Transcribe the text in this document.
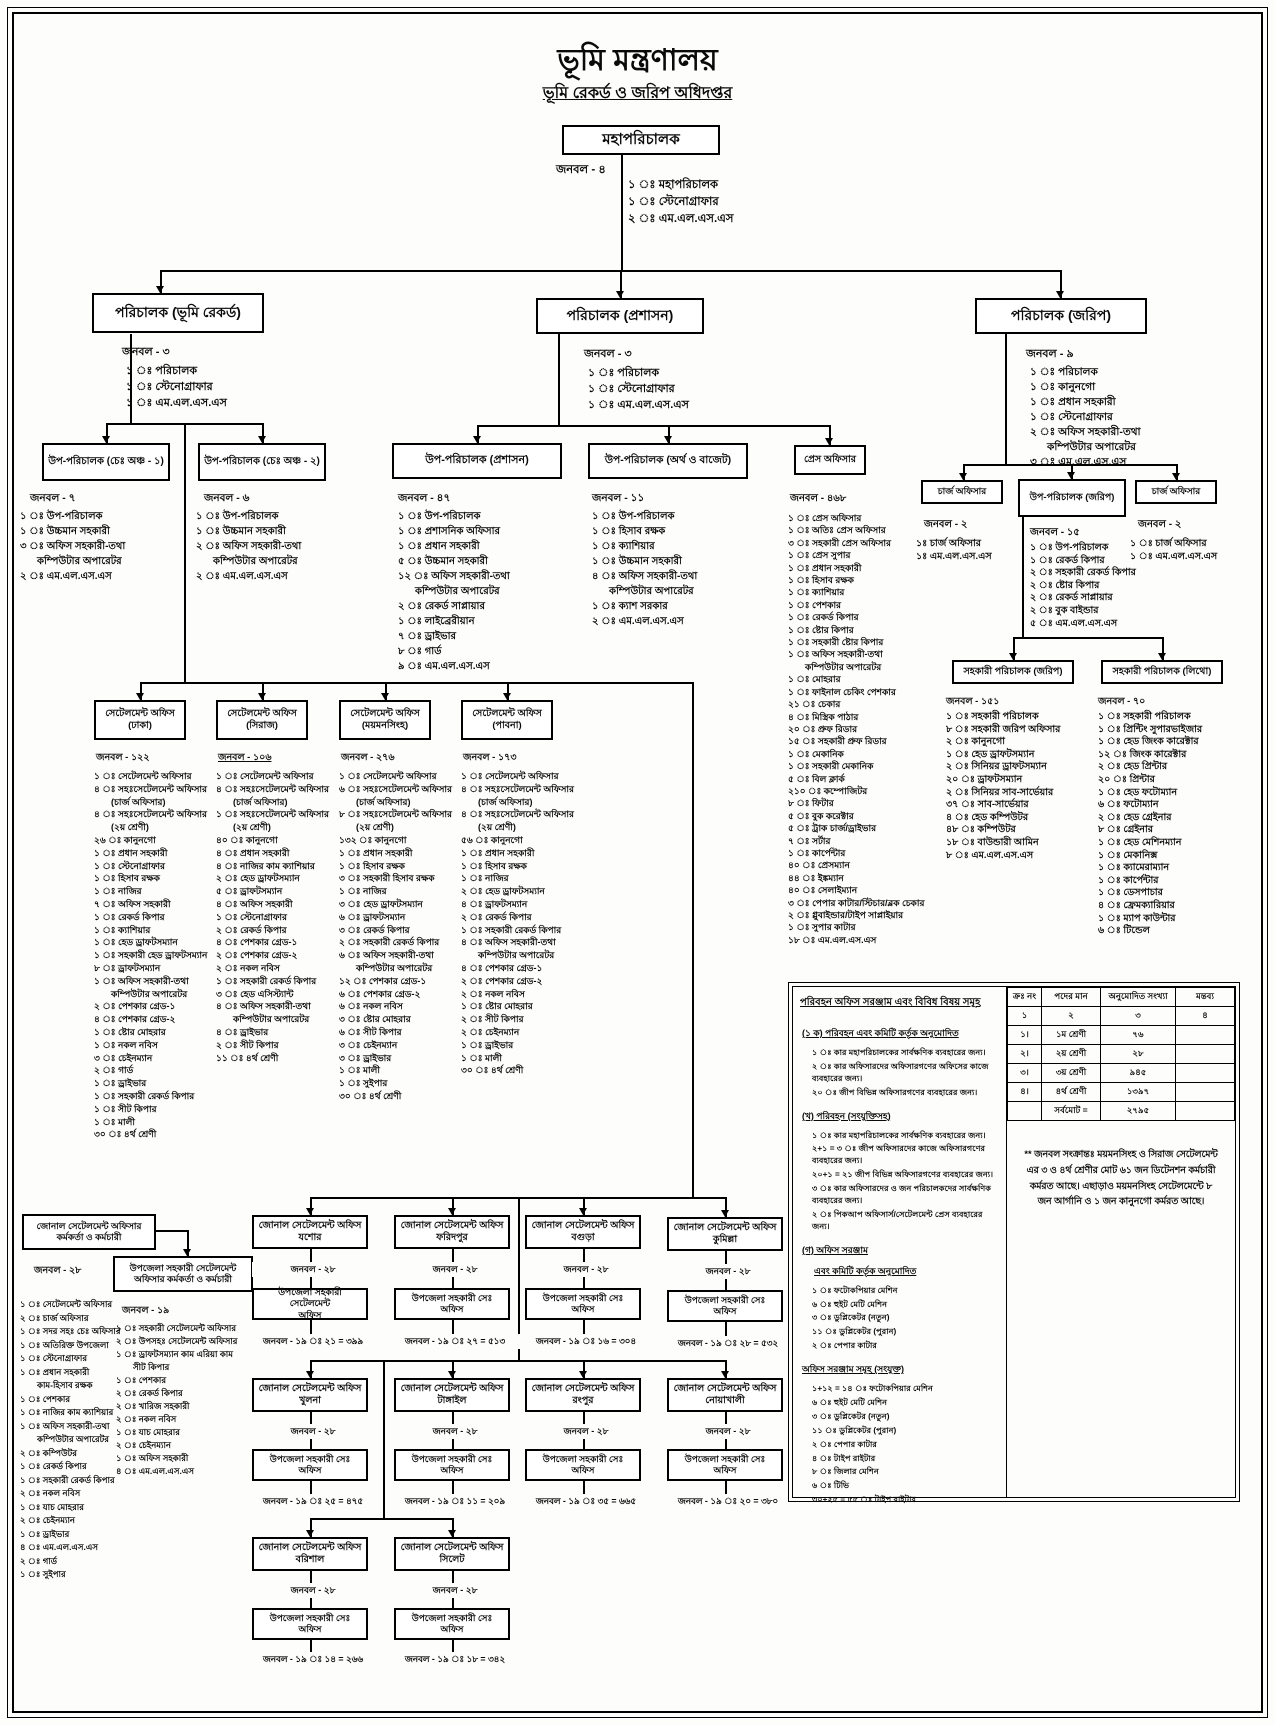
মহাপরিচালক
পরিচালক (ভূমি রেকর্ড)	পরিচালক (প্রশাসন)	পরিচালক (জরিপ)
উপ-পরিচালক (চেঃ অঞ্চ - ১)	উপ-পরিচালক (চেঃ অঞ্চ - ২)	উপ-পরিচালক (প্রশাসন)	উপ-পরিচালক (অর্থ ও বাজেট)	প্রেস অফিসার
চার্জ অফিসার
উপ-পরিচালক (জরিপ)
চার্জ অফিসার
সহকারী পরিচালক (জরিপ)	সহকারী পরিচালক (লিথো)
সেটেলমেন্ট অফিস
(ঢাকা)
সেটেলমেন্ট অফিস
(সিরাজ)
সেটেলমেন্ট অফিস
(ময়মনসিংহ)
সেটেলমেন্ট অফিস
(পাবনা)
জোনাল সেটেলমেন্ট অফিসার
কর্মকর্তা ও কর্মচারী
উপজেলা সহকারী সেটেলমেন্ট
অফিসার কর্মকর্তা ও কর্মচারী
জোনাল সেটেলমেন্ট অফিস
যশোর
জোনাল সেটেলমেন্ট অফিস
ফরিদপুর
জোনাল সেটেলমেন্ট অফিস
বগুড়া
জোনাল সেটেলমেন্ট অফিস
কুমিল্লা
উপজেলা সহকারী সেটেলমেন্ট
অফিস
উপজেলা সহকারী সেঃ
অফিস
উপজেলা সহকারী সেঃ
অফিস
উপজেলা সহকারী সেঃ
অফিস
জোনাল সেটেলমেন্ট অফিস
খুলনা
জোনাল সেটেলমেন্ট অফিস
টাঙ্গাইল
জোনাল সেটেলমেন্ট অফিস
রংপুর
জোনাল সেটেলমেন্ট অফিস
নোয়াখালী
উপজেলা সহকারী সেঃ
অফিস
উপজেলা সহকারী সেঃ
অফিস
উপজেলা সহকারী সেঃ
অফিস
উপজেলা সহকারী সেঃ
অফিস
জোনাল সেটেলমেন্ট অফিস
বরিশাল
জোনাল সেটেলমেন্ট অফিস
সিলেট
উপজেলা সহকারী সেঃ
অফিস
উপজেলা সহকারী সেঃ
অফিস
ভূমি মন্ত্রণালয়
ভূমি রেকর্ড ও জরিপ অধিদপ্তর
জনবল - ৪
জনবল - ৩	জনবল - ৩	জনবল - ৯
জনবল - ৭	জনবল - ৬	জনবল - ৪৭	জনবল - ১১	জনবল - ৪৬৮
জনবল - ২
জনবল - ১৫
জনবল - ২
জনবল - ১৫১	জনবল - ৭০
জনবল - ১২২	জনবল - ১০৬	জনবল - ২৭৬	জনবল - ১৭৩
জনবল - ২৮
জনবল - ১৯
জনবল - ২৮	জনবল - ২৮	জনবল - ২৮	জনবল - ২৮
জনবল - ১৯ ঃ ২১ = ৩৯৯	জনবল - ১৯ ঃ ২৭ = ৫১৩	জনবল - ১৯ ঃ ১৬ = ৩০৪	জনবল - ১৯ ঃ ২৮ = ৫৩২
জনবল - ২৮	জনবল - ২৮	জনবল - ২৮	জনবল - ২৮
জনবল - ১৯ ঃ ২৫ = ৪৭৫	জনবল - ১৯ ঃ ১১ = ২০৯	জনবল - ১৯ ঃ ৩৫ = ৬৬৫	জনবল - ১৯ ঃ ২০ = ৩৮০
জনবল - ২৮	জনবল - ২৮
জনবল - ১৯ ঃ ১৪ = ২৬৬	জনবল - ১৯ ঃ ১৮ = ৩৪২
১ ঃ মহাপরিচালক
১ ঃ স্টেনোগ্রাফার
২ ঃ এম.এল.এস.এস
১ ঃ পরিচালক
১ ঃ স্টেনোগ্রাফার
১ ঃ এম.এল.এস.এস
১ ঃ পরিচালক
১ ঃ স্টেনোগ্রাফার
১ ঃ এম.এল.এস.এস
১ ঃ পরিচালক
১ ঃ কানুনগো
১ ঃ প্রধান সহকারী
১ ঃ স্টেনোগ্রাফার
২ ঃ অফিস সহকারী-তথা
কম্পিউটার অপারেটর
৩ ঃ এম.এল.এস.এস
১ ঃ উপ-পরিচালক
১ ঃ উচ্চমান সহকারী
৩ ঃ অফিস সহকারী-তথা
কম্পিউটার অপারেটর
২ ঃ এম.এল.এস.এস
১ ঃ উপ-পরিচালক
১ ঃ উচ্চমান সহকারী
২ ঃ অফিস সহকারী-তথা
কম্পিউটার অপারেটর
২ ঃ এম.এল.এস.এস
১ ঃ উপ-পরিচালক
১ ঃ প্রশাসনিক অফিসার
১ ঃ প্রধান সহকারী
৫ ঃ উচ্চমান সহকারী
১২ ঃ অফিস সহকারী-তথা
কম্পিউটার অপারেটর
২ ঃ রেকর্ড সাপ্লায়ার
১ ঃ লাইব্রেরীয়ান
৭ ঃ ড্রাইভার
৮ ঃ গার্ড
৯ ঃ এম.এল.এস.এস
১ ঃ উপ-পরিচালক
১ ঃ হিসাব রক্ষক
১ ঃ ক্যাশিয়ার
১ ঃ উচ্চমান সহকারী
৪ ঃ অফিস সহকারী-তথা
কম্পিউটার অপারেটর
১ ঃ ক্যাশ সরকার
২ ঃ এম.এল.এস.এস
১ ঃ প্রেস অফিসার
১ ঃ অতিঃ প্রেস অফিসার
৩ ঃ সহকারী প্রেস অফিসার
১ ঃ প্রেস সুপার
১ ঃ প্রধান সহকারী
১ ঃ হিসাব রক্ষক
১ ঃ ক্যাশিয়ার
১ ঃ পেশকার
১ ঃ রেকর্ড কিপার
১ ঃ ষ্টোর কিপার
১ ঃ সহকারী ষ্টোর কিপার
১ ঃ অফিস সহকারী-তথা
কম্পিউটার অপারেটর
১ ঃ মোহরার
১ ঃ ফাইনাল চেকিং পেশকার
২১ ঃ চেকার
৪ ঃ মিস্ত্রিক পাঠার
২০ ঃ প্রুফ রিডার
১৫ ঃ সহকারী প্রুফ রিডার
১ ঃ মেকানিক
১ ঃ সহকারী মেকানিক
৫ ঃ বিল ক্লার্ক
২১০ ঃ কম্পোজিটর
৮ ঃ ফিটার
৫ ঃ বুক করেক্টার
৫ ঃ ট্রাক চার্জ/ড্রাইভার
৭ ঃ সর্টার
১ ঃ কার্পেন্টার
৪০ ঃ প্রেসম্যান
৪৪ ঃ ইঙ্কম্যান
৪০ ঃ সেলাইম্যান
৩ ঃ পেপার কাটার/স্টিচার/ব্লক চেকার
২ ঃ গ্লুবাইন্ডার/টাইপ সাপ্লাইয়ার
১ ঃ সুপার কাটার
১৮ ঃ এম.এল.এস.এস
১ঃ চার্জ অফিসার
১ঃ এম.এল.এস.এস
১ ঃ উপ-পরিচালক
১ ঃ রেকর্ড কিপার
২ ঃ সহকারী রেকর্ড কিপার
২ ঃ ষ্টোর কিপার
২ ঃ রেকর্ড সাপ্লায়ার
২ ঃ বুক বাইন্ডার
৫ ঃ এম.এল.এস.এস
১ ঃ চার্জ অফিসার
১ ঃ এম.এল.এস.এস
১ ঃ সহকারী পরিচালক
৮ ঃ সহকারী জরিপ অফিসার
২ ঃ কানুনগো
১ ঃ হেড ড্রাফটসম্যান
২ ঃ সিনিয়র ড্রাফটসম্যান
২০ ঃ ড্রাফটসম্যান
২ ঃ সিনিয়র সাব-সার্ভেয়ার
৩৭ ঃ সাব-সার্ভেয়ার
৪ ঃ হেড কম্পিউটর
৪৮ ঃ কম্পিউটর
১৮ ঃ বাউন্ডারী আমিন
৮ ঃ এম.এল.এস.এস
১ ঃ সহকারী পরিচালক
১ ঃ প্রিন্টিং সুপারভাইজার
১ ঃ হেড জিংক কারেক্টার
১২ ঃ জিংক কারেক্টার
২ ঃ হেড প্রিন্টার
২০ ঃ প্রিন্টার
১ ঃ হেড ফটোম্যান
৬ ঃ ফটোম্যান
২ ঃ হেড গ্রেইনার
৮ ঃ গ্রেইনার
১ ঃ হেড মেশিনম্যান
১ ঃ মেকানিক্স
১ ঃ ক্যামেরাম্যান
১ ঃ কার্পেন্টার
১ ঃ ডেসপাচার
৪ ঃ ফ্রেমক্যারিয়ার
১ ঃ ম্যাপ কাউন্টার
৬ ঃ টিন্ডেল
১ ঃ সেটেলমেন্ট অফিসার
৪ ঃ সহঃসেটেলমেন্ট অফিসার
(চার্জ অফিসার)
৪ ঃ সহঃসেটেলমেন্ট অফিসার
(২য় শ্রেণী)
২৬ ঃ কানুনগো
১ ঃ প্রধান সহকারী
১ ঃ স্টেনোগ্রাফার
১ ঃ হিসাব রক্ষক
১ ঃ নাজির
৭ ঃ অফিস সহকারী
১ ঃ রেকর্ড কিপার
১ ঃ ক্যাশিয়ার
১ ঃ হেড ড্রাফটসম্যান
১ ঃ সহকারী হেড ড্রাফটসম্যান
৮ ঃ ড্রাফটসম্যান
১ ঃ অফিস সহকারী-তথা
কম্পিউটার অপারেটর
২ ঃ পেশকার গ্রেড-১
৪ ঃ পেশকার গ্রেড-২
১ ঃ ষ্টোর মোহরার
১ ঃ নকল নবিস
৩ ঃ চেইনম্যান
২ ঃ গার্ড
১ ঃ ড্রাইভার
১ ঃ সহকারী রেকর্ড কিপার
১ ঃ সীট কিপার
১ ঃ মালী
৩০ ঃ ৪র্থ শ্রেণী
১ ঃ সেটেলমেন্ট অফিসার
৪ ঃ সহঃসেটেলমেন্ট অফিসার
(চার্জ অফিসার)
১ ঃ সহঃসেটেলমেন্ট অফিসার
(২য় শ্রেণী)
৪০ ঃ কানুনগো
৪ ঃ প্রধান সহকারী
৪ ঃ নাজির কাম ক্যাশিয়ার
২ ঃ হেড ড্রাফটসম্যান
৫ ঃ ড্রাফটসম্যান
৪ ঃ অফিস সহকারী
১ ঃ স্টেনোগ্রাফার
২ ঃ রেকর্ড কিপার
৪ ঃ পেশকার গ্রেড-১
২ ঃ পেশকার গ্রেড-২
২ ঃ নকল নবিস
১ ঃ সহকারী রেকর্ড কিপার
৩ ঃ হেড এসিস্ট্যান্ট
৪ ঃ অফিস সহকারী-তথা
কম্পিউটার অপারেটর
৪ ঃ ড্রাইভার
২ ঃ সীট কিপার
১১ ঃ ৪র্থ শ্রেণী
১ ঃ সেটেলমেন্ট অফিসার
৬ ঃ সহঃসেটেলমেন্ট অফিসার
(চার্জ অফিসার)
৮ ঃ সহঃসেটেলমেন্ট অফিসার
(২য় শ্রেণী)
১৩২ ঃ কানুনগো
১ ঃ প্রধান সহকারী
১ ঃ হিসাব রক্ষক
৩ ঃ সহকারী হিসাব রক্ষক
১ ঃ নাজির
৩ ঃ হেড ড্রাফটসম্যান
৬ ঃ ড্রাফটসম্যান
৩ ঃ রেকর্ড কিপার
২ ঃ সহকারী রেকর্ড কিপার
৬ ঃ অফিস সহকারী-তথা
কম্পিউটার অপারেটর
১২ ঃ পেশকার গ্রেড-১
৬ ঃ পেশকার গ্রেড-২
৬ ঃ নকল নবিস
৩ ঃ ষ্টোর মোহরার
৬ ঃ সীট কিপার
৩ ঃ চেইনম্যান
৩ ঃ ড্রাইভার
১ ঃ মালী
১ ঃ সুইপার
৩০ ঃ ৪র্থ শ্রেণী
১ ঃ সেটেলমেন্ট অফিসার
৪ ঃ সহঃসেটেলমেন্ট অফিসার
(চার্জ অফিসার)
৪ ঃ সহঃসেটেলমেন্ট অফিসার
(২য় শ্রেণী)
৫৬ ঃ কানুনগো
১ ঃ প্রধান সহকারী
১ ঃ হিসাব রক্ষক
১ ঃ নাজির
২ ঃ হেড ড্রাফটসম্যান
৪ ঃ ড্রাফটসম্যান
২ ঃ রেকর্ড কিপার
১ ঃ সহকারী রেকর্ড কিপার
৪ ঃ অফিস সহকারী-তথা
কম্পিউটার অপারেটর
৪ ঃ পেশকার গ্রেড-১
২ ঃ পেশকার গ্রেড-২
২ ঃ নকল নবিস
১ ঃ ষ্টোর মোহরার
২ ঃ সীট কিপার
২ ঃ চেইনম্যান
১ ঃ ড্রাইভার
১ ঃ মালী
৩০ ঃ ৪র্থ শ্রেণী
১ ঃ সেটেলমেন্ট অফিসার
২ ঃ চার্জ অফিসার
১ ঃ সদর সহঃ চেঃ অফিসার
১ ঃ অতিরিক্ত উপজেলা
১ ঃ স্টেনোগ্রাফার
১ ঃ প্রধান সহকারী
কাম-হিসাব রক্ষক
১ ঃ পেশকার
১ ঃ নাজির কাম ক্যাশিয়ার
১ ঃ অফিস সহকারী-তথা
কম্পিউটার অপারেটর
২ ঃ কম্পিউটর
১ ঃ রেকর্ড কিপার
১ ঃ সহকারী রেকর্ড কিপার
২ ঃ নকল নবিস
১ ঃ যাচ মোহরার
২ ঃ চেইনম্যান
১ ঃ ড্রাইভার
৪ ঃ এম.এল.এস.এস
২ ঃ গার্ড
১ ঃ সুইপার
১ ঃ সহকারী সেটেলমেন্ট অফিসার
২ ঃ উপসহঃ সেটেলমেন্ট অফিসার
১ ঃ ড্রাফটসম্যান কাম এরিয়া কাম
সীট কিপার
১ ঃ পেশকার
২ ঃ রেকর্ড কিপার
২ ঃ খারিজ সহকারী
২ ঃ নকল নবিস
১ ঃ যাচ মোহরার
২ ঃ চেইনম্যান
১ ঃ অফিস সহকারী
৪ ঃ এম.এল.এস.এস
পরিবহন অফিস সরঞ্জাম এবং বিবিধ বিষয় সমূহ
(১ ক) পরিবহন এবং কমিটি কর্তৃক অনুমোদিত
১ ঃ কার মহাপরিচালকের সার্বক্ষণিক ব্যবহারের জন্য।
২ ঃ কার অফিসারদের অফিসারগণের অফিসের কাজে ব্যবহারের জন্য।
২০ ঃ জীপ বিভিন্ন অফিসারগণের ব্যবহারের জন্য।
(খ) পরিবহন (সংযুক্তিসহ)
১ ঃ কার মহাপরিচালকের সার্বক্ষণিক ব্যবহারের জন্য।
২+১ = ৩ ঃ জীপ অফিসারদের কাজে অফিসারগণের ব্যবহারের জন্য।
২০+১ = ২১ জীপ বিভিন্ন অফিসারগণের ব্যবহারের জন্য।
৩ ঃ কার অফিসারদের ও জন পরিচালকদের সার্বক্ষণিক ব্যবহারের জন্য।
২ ঃ পিকআপ অফিসার্স/সেটেলমেন্ট প্রেস ব্যবহারের জন্য।
(গ) অফিস সরঞ্জাম
এবং কমিটি কর্তৃক অনুমোদিত
১ ঃ ফটোকপিয়ার মেশিন
৬ ঃ হুইট মেটি মেশিন
৩ ঃ ডুপ্লিকেটর (নতুন)
১১ ঃ ডুপ্লিকেটর (পুরান)
২ ঃ পেপার কাটার
অফিস সরঞ্জাম সমূহ (সংযুক্ত)
১+১২ = ১৪ ঃ ফটোকপিয়ার মেশিন
৬ ঃ হুইট মেটি মেশিন
৩ ঃ ডুপ্লিকেটর (নতুন)
১১ ঃ ডুপ্লিকেটর (পুরান)
২ ঃ পেপার কাটার
৪ ঃ টাইপ রাইটার
৮ ঃ জিলার মেশিন
৬ ঃ টিভি
৩০+২৫ = ৫৫ ঃ টাইপ রাইটার
ক্রঃ নং	পদের মান	অনুমোদিত সংখ্যা	মন্তব্য
১	২	৩	৪
১।	১ম শ্রেণী	৭৬	
২।	২য় শ্রেণী	২৮	
৩।	৩য় শ্রেণী	৯৪৫	
৪।	৪র্থ শ্রেণী	১৩৯৭	
	সর্বমোট =	২৭৯৫	
** জনবল সংক্রান্তঃ ময়মনসিংহ ও সিরাজ সেটেলমেন্ট এর ৩ ও ৪র্থ শ্রেণীর মোট ৬১ জন ডিটেনশন কর্মচারী কর্মরত আছে। এছাড়াও ময়মনসিংহ সেটেলমেন্টে ৮ জন আর্গানি ও ১ জন কানুনগো কর্মরত আছে।
